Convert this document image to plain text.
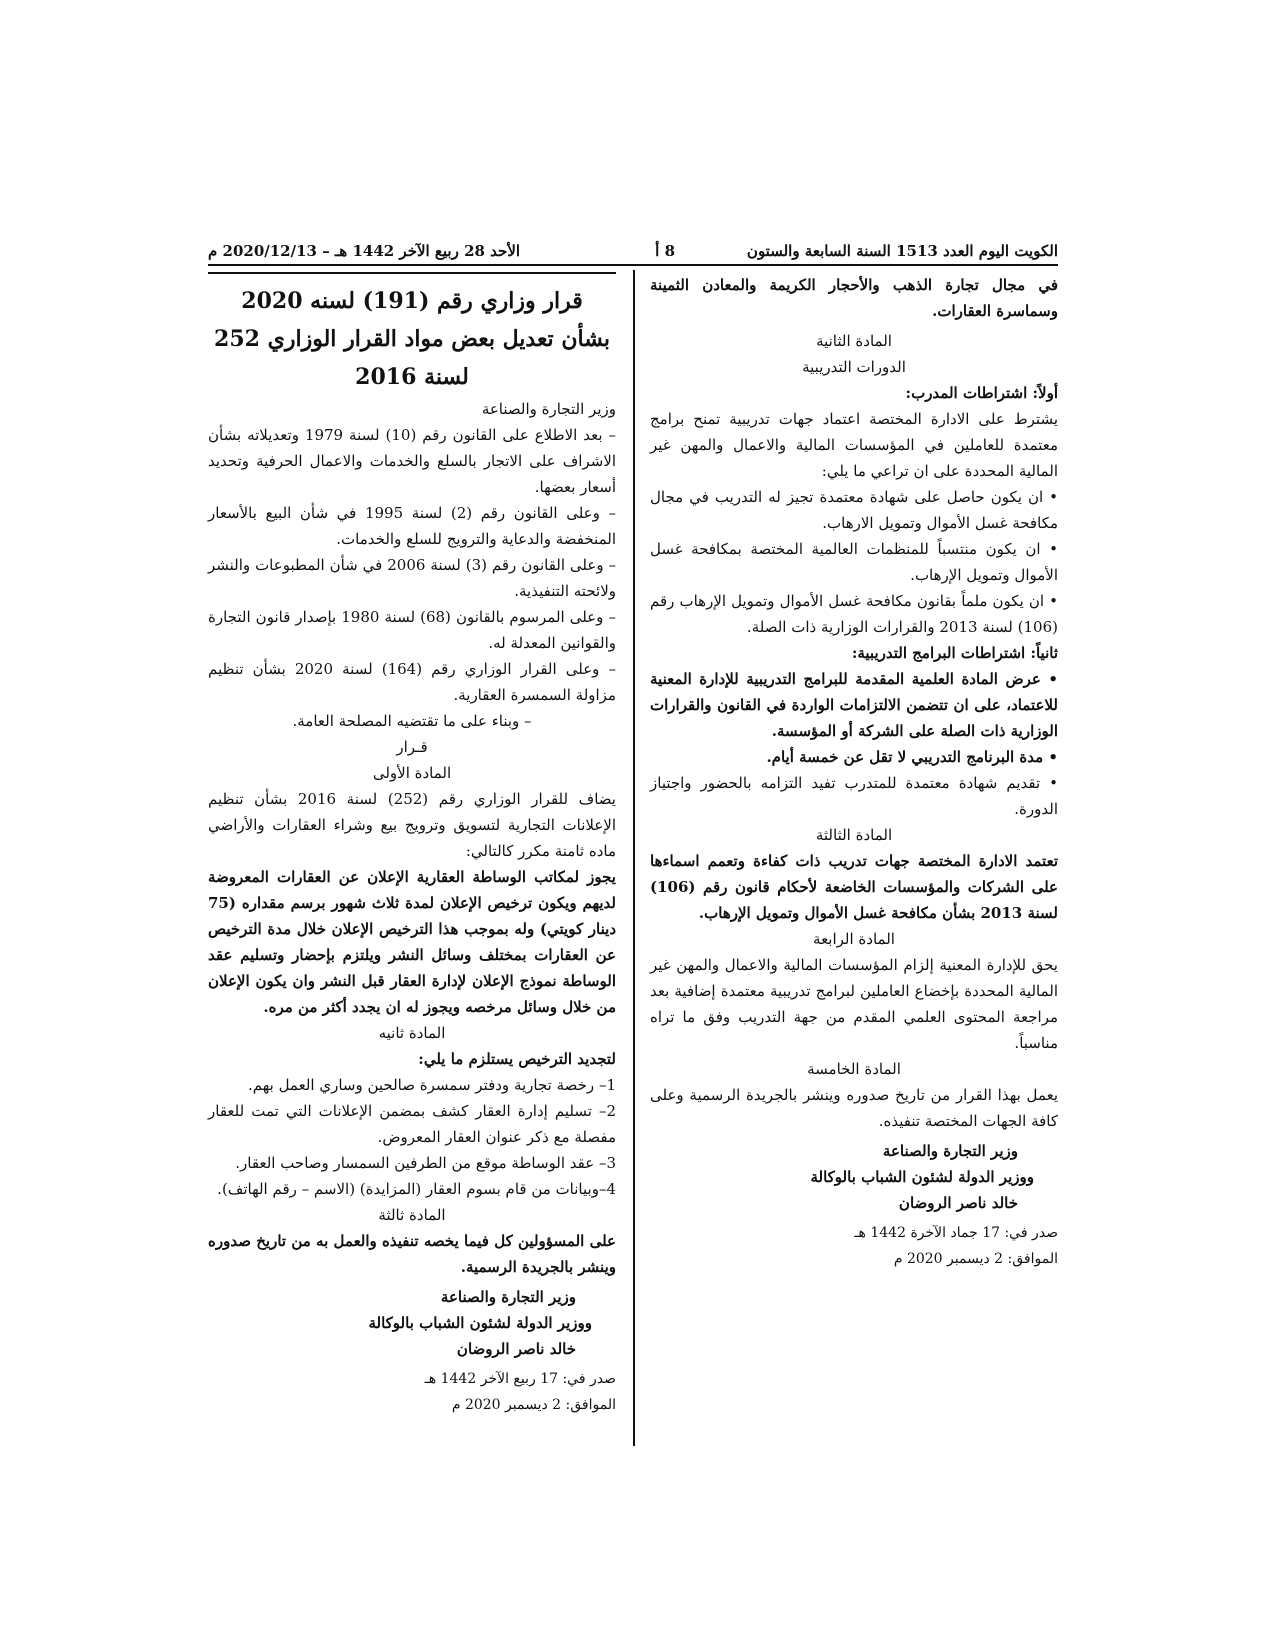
الكويت اليوم العدد 1513 السنة السابعة والستون
8 أ
الأحد 28 ربيع الآخر 1442 هـ – 2020/12/13 م

في مجال تجارة الذهب والأحجار الكريمة والمعادن الثمينة وسماسرة العقارات.

المادة الثانية

الدورات التدريبية

أولاً: اشتراطات المدرب:

يشترط على الادارة المختصة اعتماد جهات تدريبية تمنح برامج معتمدة للعاملين في المؤسسات المالية والاعمال والمهن غير المالية المحددة على ان تراعي ما يلي:

• ان يكون حاصل على شهادة معتمدة تجيز له التدريب في مجال مكافحة غسل الأموال وتمويل الارهاب.

• ان يكون منتسباً للمنظمات العالمية المختصة بمكافحة غسل الأموال وتمويل الإرهاب.

• ان يكون ملماً بقانون مكافحة غسل الأموال وتمويل الإرهاب رقم (106) لسنة 2013 والقرارات الوزارية ذات الصلة.

ثانياً: اشتراطات البرامج التدريبية:

• عرض المادة العلمية المقدمة للبرامج التدريبية للإدارة المعنية للاعتماد، على ان تتضمن الالتزامات الواردة في القانون والقرارات الوزارية ذات الصلة على الشركة أو المؤسسة.

• مدة البرنامج التدريبي لا تقل عن خمسة أيام.

• تقديم شهادة معتمدة للمتدرب تفيد التزامه بالحضور واجتياز الدورة.

المادة الثالثة

تعتمد الادارة المختصة جهات تدريب ذات كفاءة وتعمم اسماءها على الشركات والمؤسسات الخاضعة لأحكام قانون رقم (106) لسنة 2013 بشأن مكافحة غسل الأموال وتمويل الإرهاب.

المادة الرابعة

يحق للإدارة المعنية إلزام المؤسسات المالية والاعمال والمهن غير المالية المحددة بإخضاع العاملين لبرامج تدريبية معتمدة إضافية بعد مراجعة المحتوى العلمي المقدم من جهة التدريب وفق ما تراه مناسباً.

المادة الخامسة

يعمل بهذا القرار من تاريخ صدوره وينشر بالجريدة الرسمية وعلى كافة الجهات المختصة تنفيذه.

وزير التجارة والصناعة

ووزير الدولة لشئون الشباب بالوكالة

خالد ناصر الروضان

صدر في: 17 جماد الآخرة 1442 هـ

الموافق: 2 ديسمبر 2020 م

قرار وزاري رقم (191) لسنه 2020
بشأن تعديل بعض مواد القرار الوزاري 252
لسنة 2016

وزير التجارة والصناعة

– بعد الاطلاع على القانون رقم (10) لسنة 1979 وتعديلاته بشأن الاشراف على الاتجار بالسلع والخدمات والاعمال الحرفية وتحديد أسعار بعضها.

– وعلى القانون رقم (2) لسنة 1995 في شأن البيع بالأسعار المنخفضة والدعاية والترويج للسلع والخدمات.

– وعلى القانون رقم (3) لسنة 2006 في شأن المطبوعات والنشر ولائحته التنفيذية.

– وعلى المرسوم بالقانون (68) لسنة 1980 بإصدار قانون التجارة والقوانين المعدلة له.

– وعلى القرار الوزاري رقم (164) لسنة 2020 بشأن تنظيم مزاولة السمسرة العقارية.

– وبناء على ما تقتضيه المصلحة العامة.

قـرار

المادة الأولى

يضاف للقرار الوزاري رقم (252) لسنة 2016 بشأن تنظيم الإعلانات التجارية لتسويق وترويج بيع وشراء العقارات والأراضي ماده ثامنة مكرر كالتالي:

يجوز لمكاتب الوساطة العقارية الإعلان عن العقارات المعروضة لديهم ويكون ترخيص الإعلان لمدة ثلاث شهور برسم مقداره (75 دينار كويتي) وله بموجب هذا الترخيص الإعلان خلال مدة الترخيص عن العقارات بمختلف وسائل النشر ويلتزم بإحضار وتسليم عقد الوساطة نموذج الإعلان لإدارة العقار قبل النشر وان يكون الإعلان من خلال وسائل مرخصه ويجوز له ان يجدد أكثر من مره.

المادة ثانيه

لتجديد الترخيص يستلزم ما يلي:

1– رخصة تجارية ودفتر سمسرة صالحين وساري العمل بهم.

2– تسليم إدارة العقار كشف بمضمن الإعلانات التي تمت للعقار مفصلة مع ذكر عنوان العقار المعروض.

3– عقد الوساطة موقع من الطرفين السمسار وصاحب العقار.

4–وبيانات من قام بسوم العقار (المزايدة) (الاسم – رقم الهاتف).

المادة ثالثة

على المسؤولين كل فيما يخصه تنفيذه والعمل به من تاريخ صدوره وينشر بالجريدة الرسمية.

وزير التجارة والصناعة

ووزير الدولة لشئون الشباب بالوكالة

خالد ناصر الروضان

صدر في: 17 ربيع الآخر 1442 هـ

الموافق: 2 ديسمبر 2020 م
